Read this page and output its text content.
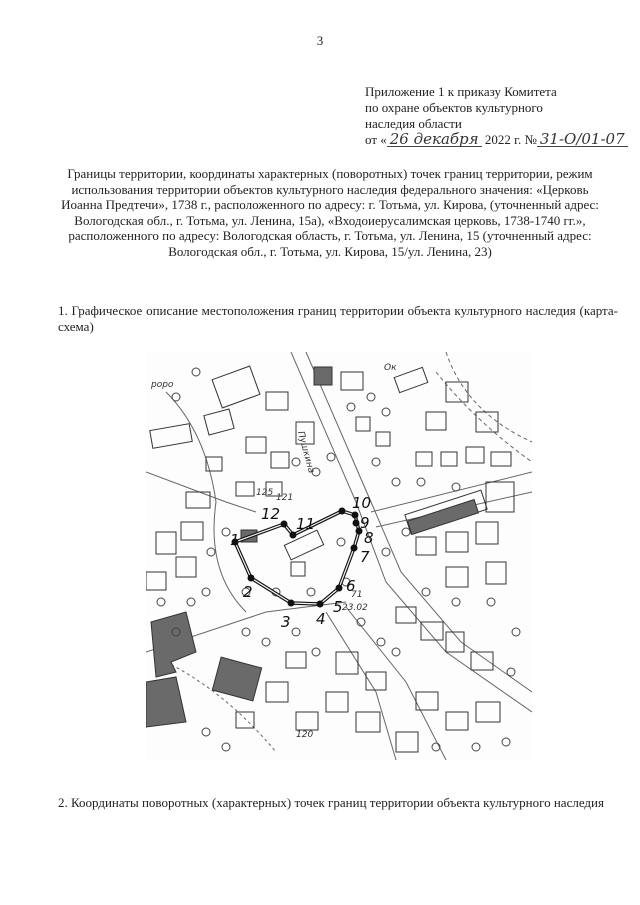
3
Приложение 1 к приказу Комитета
по охране объектов культурного
наследия области
от « 26 декабря 2022 г. № 31-О/01-07
Границы территории, координаты характерных (поворотных) точек границ территории, режим использования территории объектов культурного наследия федерального значения: «Церковь Иоанна Предтечи», 1738 г., расположенного по адресу: г. Тотьма, ул. Кирова, (уточненный адрес: Вологодская обл., г. Тотьма, ул. Ленина, 15а), «Входоиерусалимская церковь, 1738-1740 гг.», расположенного по адресу: Вологодская область, г. Тотьма, ул. Ленина, 15 (уточненный адрес: Вологодская обл., г. Тотьма, ул. Кирова, 15/ул. Ленина, 23)
1. Графическое описание местоположения границ территории объекта культурного наследия (карта-схема)
1
2
3 4
5
6
7
8
9
10
11
12
Пушкина
121
125
23.02
71
Ок
120
роро
2. Координаты поворотных (характерных) точек границ территории объекта культурного наследия
